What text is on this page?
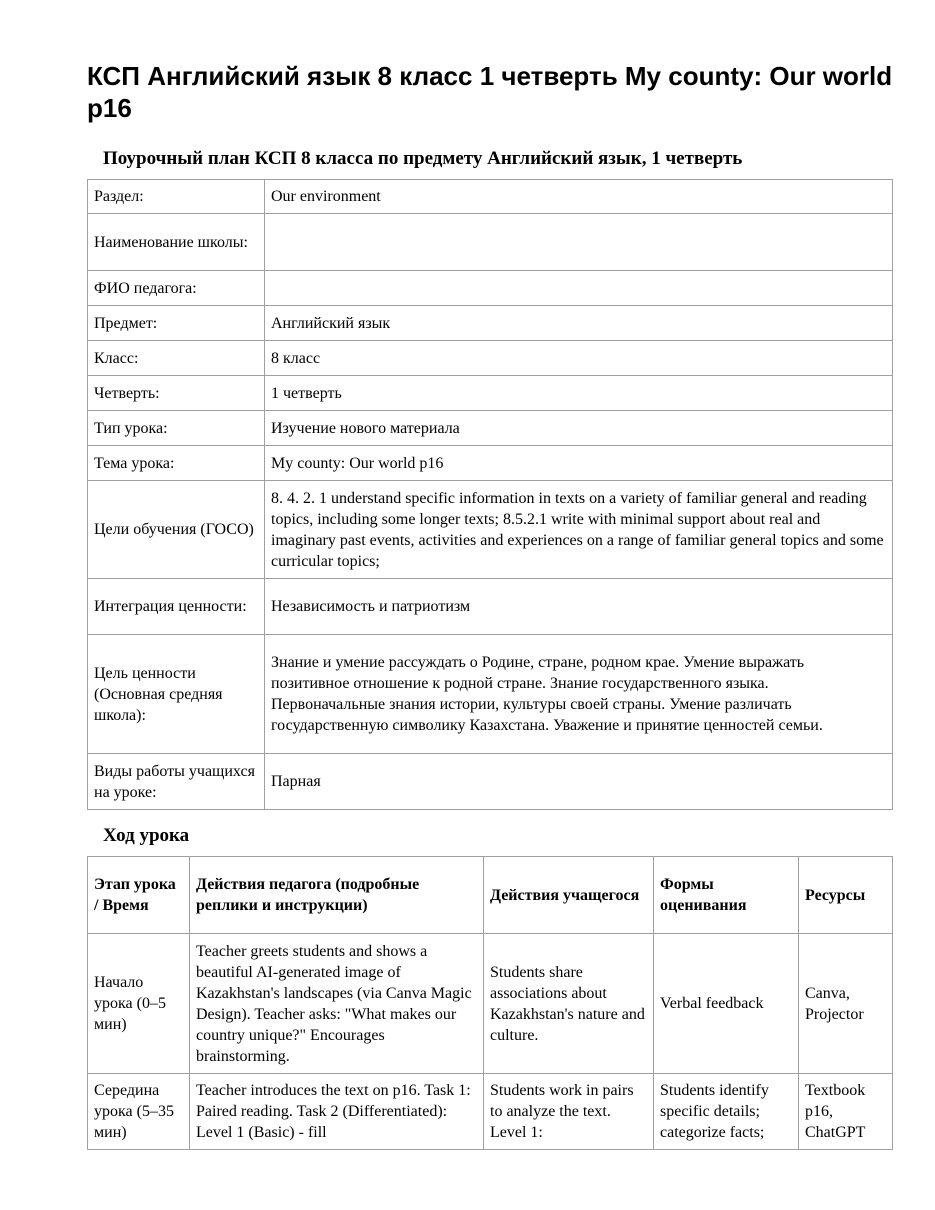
КСП Английский язык 8 класс 1 четверть My county: Our world p16
Поурочный план КСП 8 класса по предмету Английский язык, 1 четверть
Раздел:	Our environment
Наименование школы:	
ФИО педагога:	
Предмет:	Английский язык
Класс:	8 класс
Четверть:	1 четверть
Тип урока:	Изучение нового материала
Тема урока:	My county: Our world p16
Цели обучения (ГОСО)	8. 4. 2. 1 understand specific information in texts on a variety of familiar general and reading topics, including some longer texts; 8.5.2.1 write with minimal support about real and imaginary past events, activities and experiences on a range of familiar general topics and some curricular topics;
Интеграция ценности:	Независимость и патриотизм
Цель ценности (Основная средняя школа):	Знание и умение рассуждать о Родине, стране, родном крае. Умение выражать позитивное отношение к родной стране. Знание государственного языка. Первоначальные знания истории, культуры своей страны. Умение различать государственную символику Казахстана. Уважение и принятие ценностей семьи.
Виды работы учащихся на уроке:	Парная
Ход урока
Этап урока / Время	Действия педагога (подробные реплики и инструкции)	Действия учащегося	Формы оценивания	Ресурсы
Начало урока (0–5 мин)	Teacher greets students and shows a beautiful AI-generated image of Kazakhstan's landscapes (via Canva Magic Design). Teacher asks: "What makes our country unique?" Encourages brainstorming.	Students share associations about Kazakhstan's nature and culture.	Verbal feedback	Canva, Projector
Середина урока (5–35 мин)	Teacher introduces the text on p16. Task 1: Paired reading. Task 2 (Differentiated): Level 1 (Basic) - fill	Students work in pairs to analyze the text. Level 1:	Students identify specific details; categorize facts;	Textbook p16, ChatGPT
